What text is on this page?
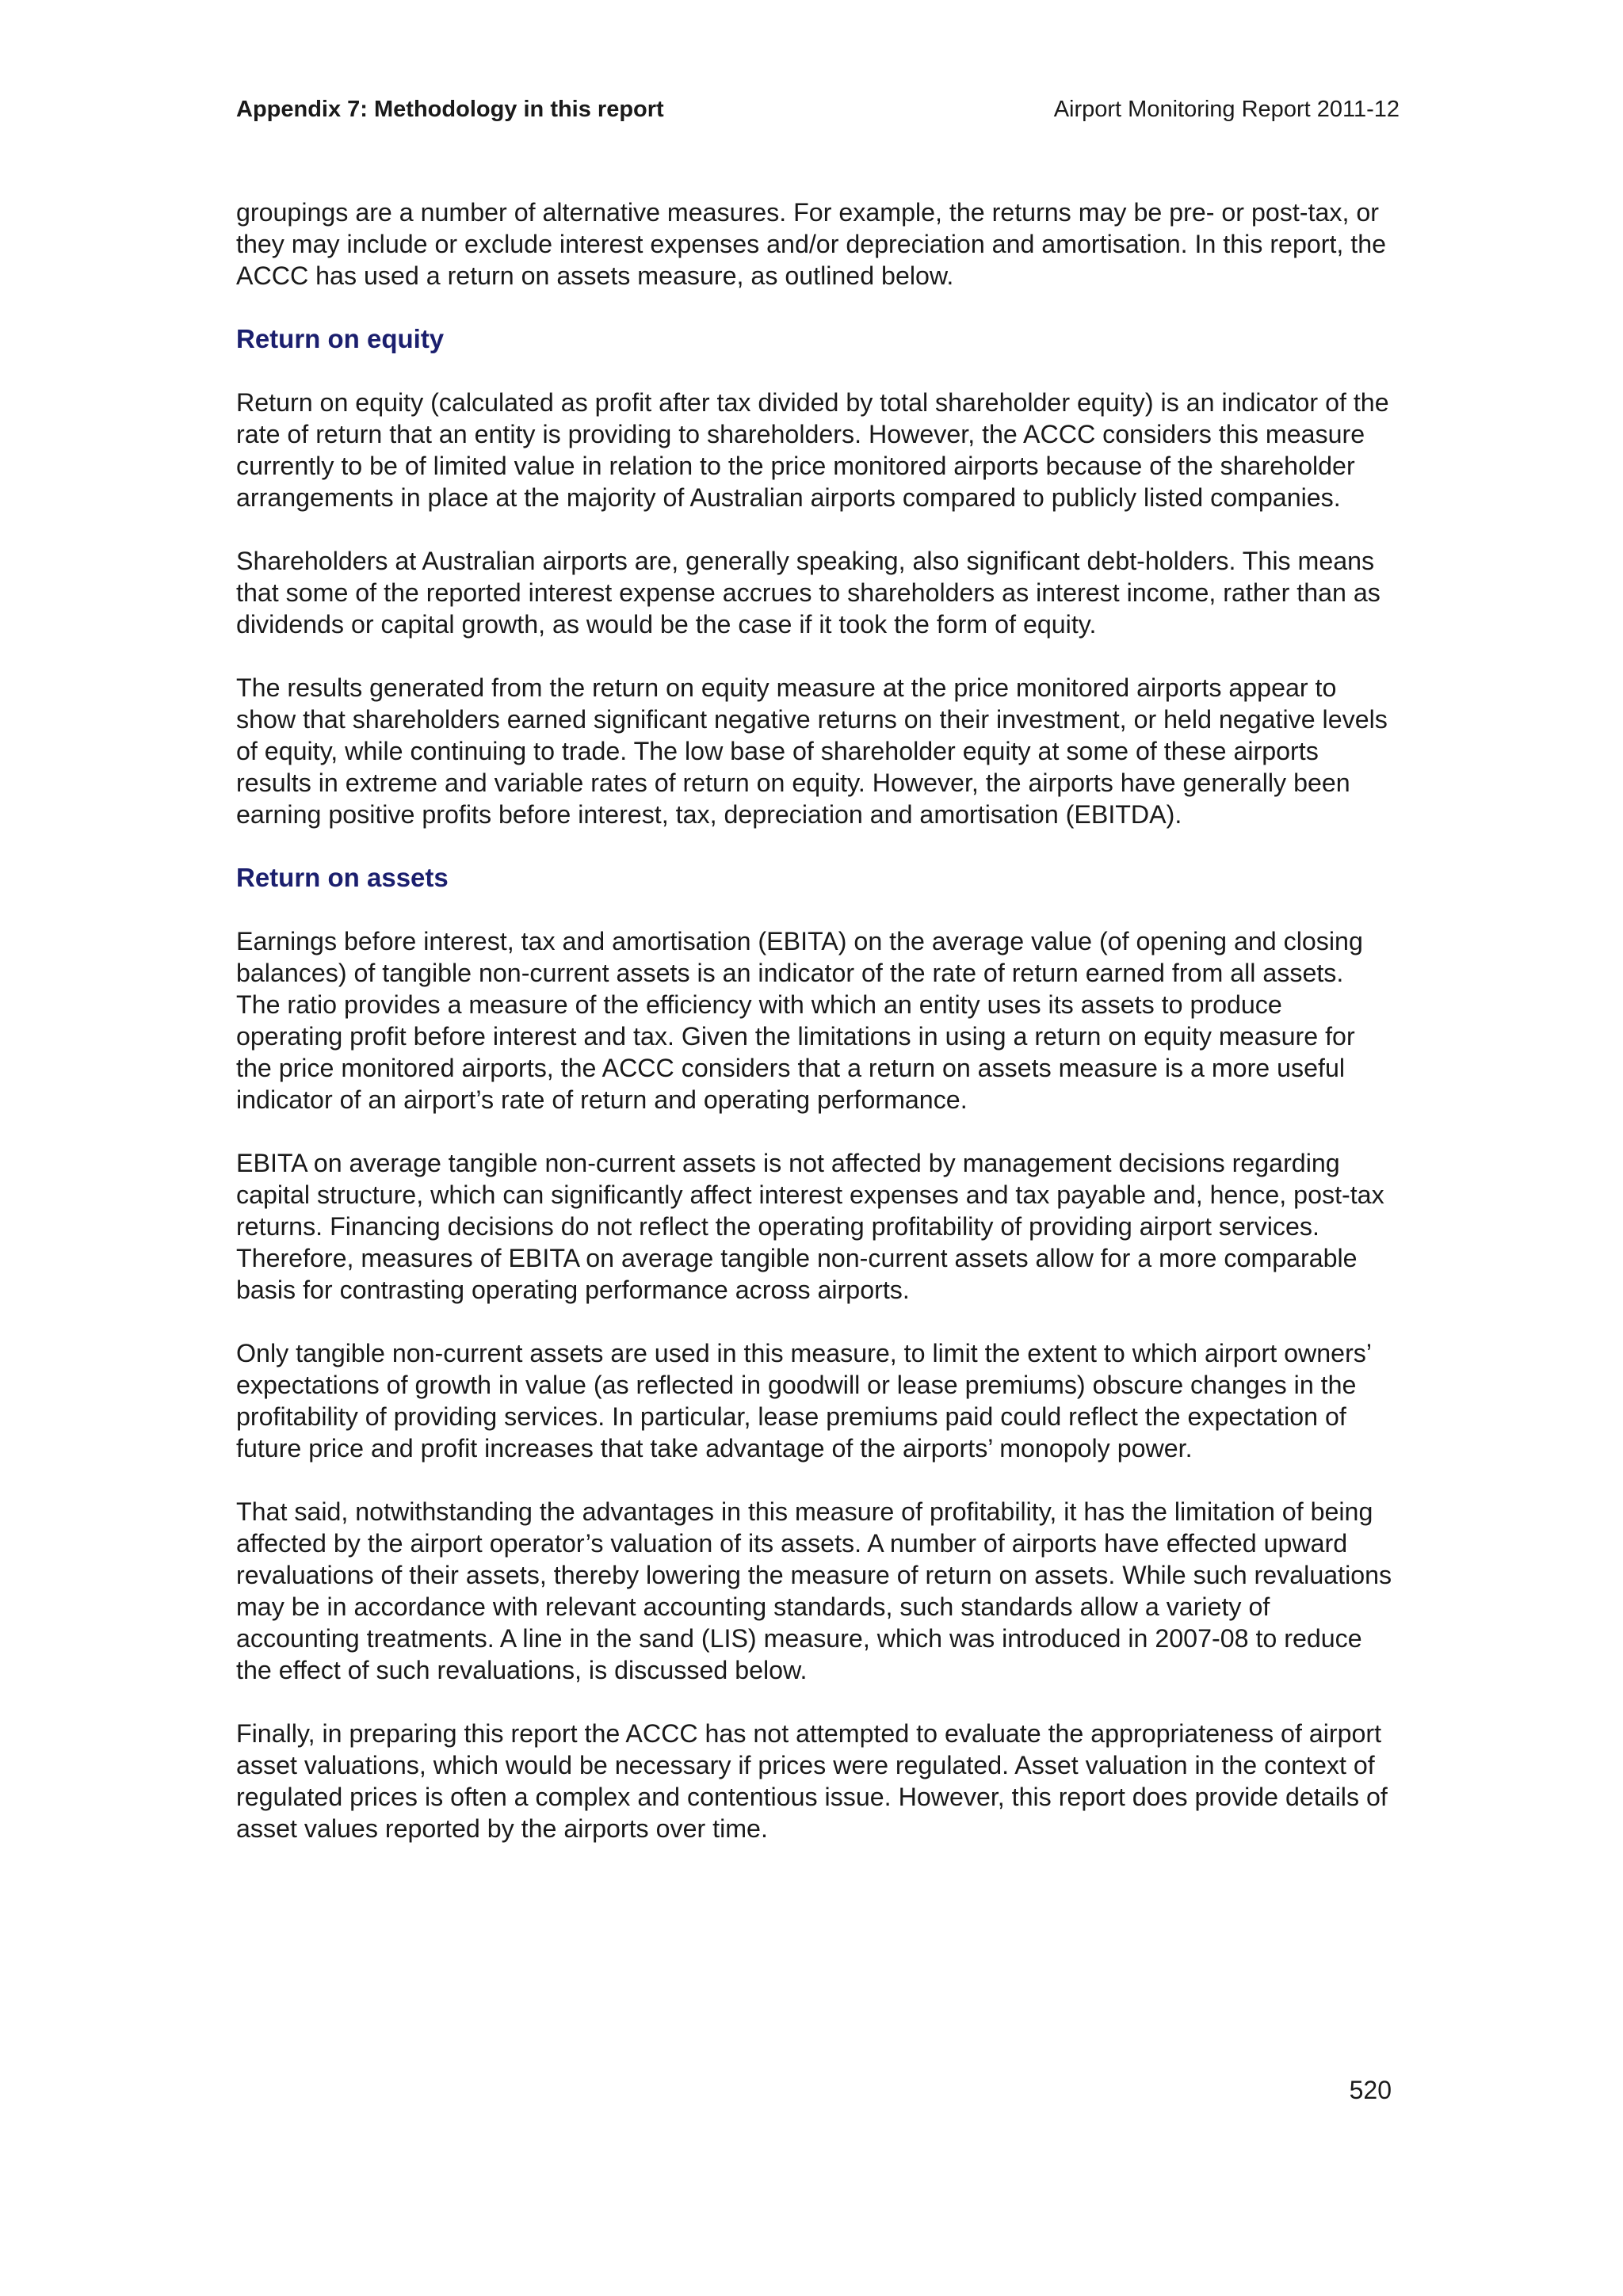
Appendix 7: Methodology in this report	Airport Monitoring Report 2011-12

groupings are a number of alternative measures. For example, the returns may be pre- or post-tax, or they may include or exclude interest expenses and/or depreciation and amortisation. In this report, the ACCC has used a return on assets measure, as outlined below.

Return on equity

Return on equity (calculated as profit after tax divided by total shareholder equity) is an indicator of the rate of return that an entity is providing to shareholders. However, the ACCC considers this measure currently to be of limited value in relation to the price monitored airports because of the shareholder arrangements in place at the majority of Australian airports compared to publicly listed companies.

Shareholders at Australian airports are, generally speaking, also significant debt-holders. This means that some of the reported interest expense accrues to shareholders as interest income, rather than as dividends or capital growth, as would be the case if it took the form of equity.

The results generated from the return on equity measure at the price monitored airports appear to show that shareholders earned significant negative returns on their investment, or held negative levels of equity, while continuing to trade. The low base of shareholder equity at some of these airports results in extreme and variable rates of return on equity. However, the airports have generally been earning positive profits before interest, tax, depreciation and amortisation (EBITDA).

Return on assets

Earnings before interest, tax and amortisation (EBITA) on the average value (of opening and closing balances) of tangible non-current assets is an indicator of the rate of return earned from all assets. The ratio provides a measure of the efficiency with which an entity uses its assets to produce operating profit before interest and tax. Given the limitations in using a return on equity measure for the price monitored airports, the ACCC considers that a return on assets measure is a more useful indicator of an airport’s rate of return and operating performance.

EBITA on average tangible non-current assets is not affected by management decisions regarding capital structure, which can significantly affect interest expenses and tax payable and, hence, post-tax returns. Financing decisions do not reflect the operating profitability of providing airport services. Therefore, measures of EBITA on average tangible non-current assets allow for a more comparable basis for contrasting operating performance across airports.

Only tangible non-current assets are used in this measure, to limit the extent to which airport owners’ expectations of growth in value (as reflected in goodwill or lease premiums) obscure changes in the profitability of providing services. In particular, lease premiums paid could reflect the expectation of future price and profit increases that take advantage of the airports’ monopoly power.

That said, notwithstanding the advantages in this measure of profitability, it has the limitation of being affected by the airport operator’s valuation of its assets. A number of airports have effected upward revaluations of their assets, thereby lowering the measure of return on assets. While such revaluations may be in accordance with relevant accounting standards, such standards allow a variety of accounting treatments. A line in the sand (LIS) measure, which was introduced in 2007-08 to reduce the effect of such revaluations, is discussed below.

Finally, in preparing this report the ACCC has not attempted to evaluate the appropriateness of airport asset valuations, which would be necessary if prices were regulated. Asset valuation in the context of regulated prices is often a complex and contentious issue. However, this report does provide details of asset values reported by the airports over time.

520
